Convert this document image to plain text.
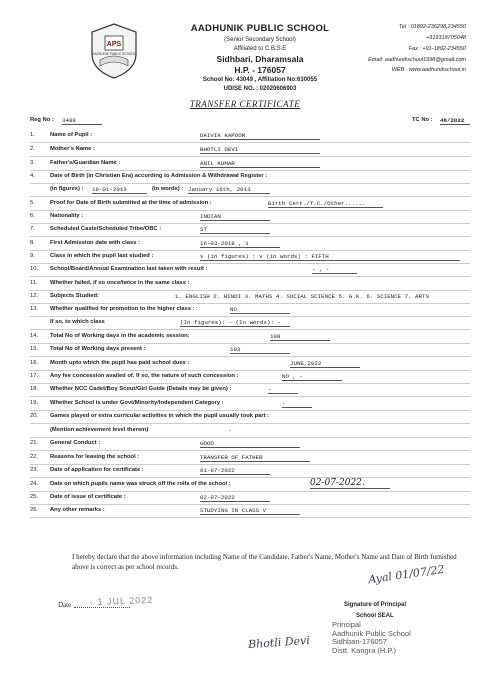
APS
AADHUNIK PUBLIC SCHOOL
AADHUNIK PUBLIC SCHOOL
(Senior Secondary School)
Affiliated to C.B.S.E
Sidhbari, Dharamsala
H.P. - 176057
School No: 43049 , Affiliation No:630055
UDISE NO. : 02020606903
Tel : 01892-236298,234550
+919318705048
Fax : +91-1892-234550
Email: aadhunikschool1998@gmail.com
WEB : www.aadhunikschool.in
TRANSFER CERTIFICATE
Reg No : 3488	TC No : 46/2022
1.	Name of Pupil :	DAIVIK KAPOOR
2.	Mother's Name :	BHOTLI DEVI
3.	Father's/Guardian Name :	ANIL KUMAR
4.	Date of Birth (in Christian Era) according to Admission & Withdrawal Register :
(in figures) : 16-01-2013	(in words) : January 16th, 2013
5.	Proof for Date of Birth submitted at the time of admission :	Birth Cert./T.C./Other......
6.	Nationality :	INDIAN
7.	Scheduled Caste/Scheduled Tribe/OBC :	ST
8.	First Admission date with class :	16-03-2018 , 1
9.	Class in which the pupil last studied :	v (in figures) : v (in words) : FIFTH
10. School/Board/Annual Examination last taken with result :	- , -
11. Whether failed, if so once/twice in the same class :
12. Subjects Studied:	1. ENGLISH 2. HINDI 3. MATHS 4. SOCIAL SCIENCE 5. G.K. 6. SCIENCE 7. ARTS
13. Whether qualified for promotion to the higher class :	NO
If so, to which class	(In figures): - (In words): -
14. Total No of Working days in the academic session:	108
15. Total No of Working days present :	103
16. Month upto which the pupil has paid school dues :	JUNE,2022
17. Any fee concession availed of. If so, the nature of such concession :	NO , -
18. Whether NCC Cadet/Boy Scout/Girl Guide (Details may be given) :	-
19. Whether School is under Govt/Minority/Independent Category :	-
20. Games played or extra curricular activities in which the pupil usually took part :
(Mention achievement level therein)	-
21. General Conduct :	GOOD
22. Reasons for leaving the school :	TRANSFER OF FATHER
23. Date of application for certificate :	01-07-2022
24. Date on which pupils name was struck off the rolls of the school :	02-07-2022.
25. Date of issue of certificate :	02-07-2022
26. Any other remarks :	STUDYING IN CLASS V
I hereby declare that the above information including Name of the Candidate, Father's Name, Mother's Name and Date of Birth furnished above is correct as per school records.
Date - 1 JUL 2022
Ayal 01/07/22
Signature of Principal
School SEAL
Principal
Aadhunik Public School
Sidhbari-176057
Distt. Kangra (H.P.)
Bhotli Devi
